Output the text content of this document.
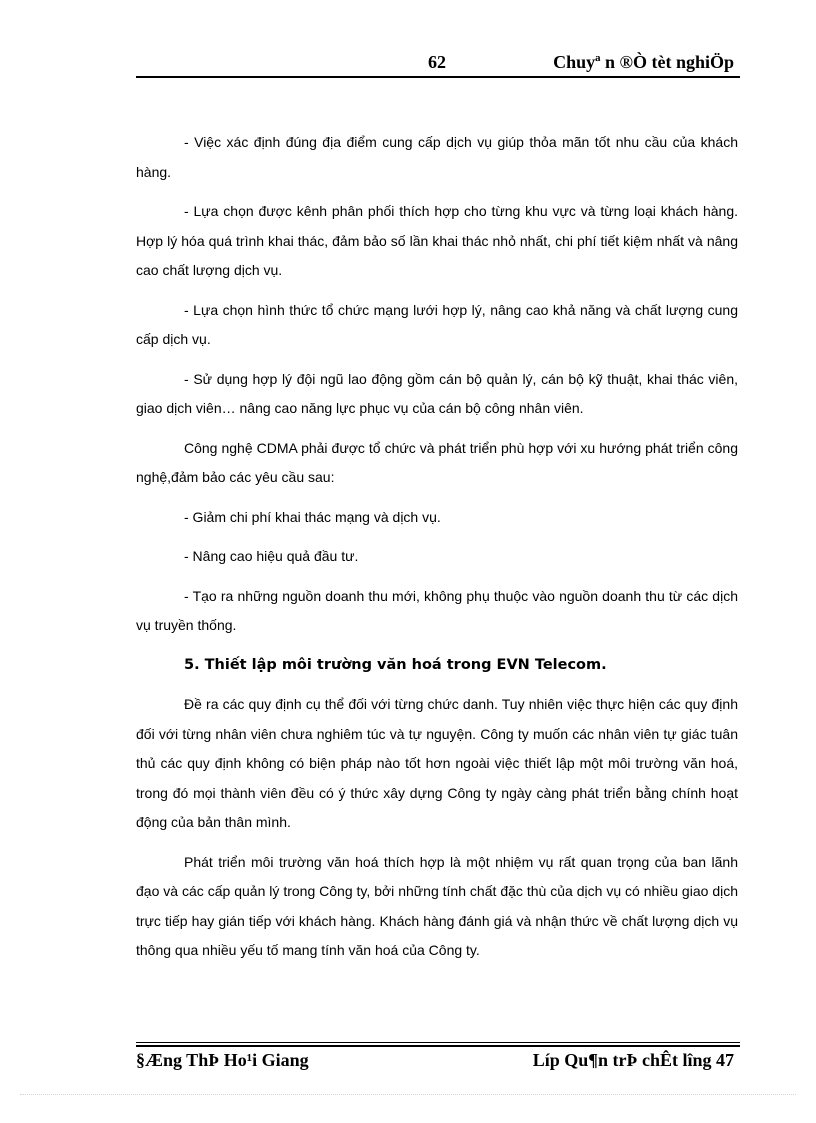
62	Chuyª n ®Ò tèt nghiÖp

- Việc xác định đúng địa điểm cung cấp dịch vụ giúp thỏa mãn tốt nhu cầu của khách hàng.

- Lựa chọn được kênh phân phối thích hợp cho từng khu vực và từng loại khách hàng. Hợp lý hóa quá trình khai thác, đảm bảo số lần khai thác nhỏ nhất, chi phí tiết kiệm nhất và nâng cao chất lượng dịch vụ.

- Lựa chọn hình thức tổ chức mạng lưới hợp lý, nâng cao khả năng và chất lượng cung cấp dịch vụ.

- Sử dụng hợp lý đội ngũ lao động gồm cán bộ quản lý, cán bộ kỹ thuật, khai thác viên, giao dịch viên… nâng cao năng lực phục vụ của cán bộ công nhân viên.

Công nghệ CDMA phải được tổ chức và phát triển phù hợp với xu hướng phát triển công nghệ,đảm bảo các yêu cầu sau:

- Giảm chi phí khai thác mạng và dịch vụ.

- Nâng cao hiệu quả đầu tư.

- Tạo ra những nguồn doanh thu mới, không phụ thuộc vào nguồn doanh thu từ các dịch vụ truyền thống.

5. Thiết lập môi trường văn hoá trong EVN Telecom.

Đề ra các quy định cụ thể đối với từng chức danh. Tuy nhiên việc thực hiện các quy định đối với từng nhân viên chưa nghiêm túc và tự nguyện. Công ty muốn các nhân viên tự giác tuân thủ các quy định không có biện pháp nào tốt hơn ngoài việc thiết lập một môi trường văn hoá, trong đó mọi thành viên đều có ý thức xây dựng Công ty ngày càng phát triển bằng chính hoạt động của bản thân mình.

Phát triển môi trường văn hoá thích hợp là một nhiệm vụ rất quan trọng của ban lãnh đạo và các cấp quản lý trong Công ty, bởi những tính chất đặc thù của dịch vụ có nhiều giao dịch trực tiếp hay gián tiếp với khách hàng. Khách hàng đánh giá và nhận thức về chất lượng dịch vụ thông qua nhiều yếu tố mang tính văn hoá của Công ty.

§Æng ThÞ Ho¹i Giang	Líp Qu¶n trÞ chÊt lîng 47
